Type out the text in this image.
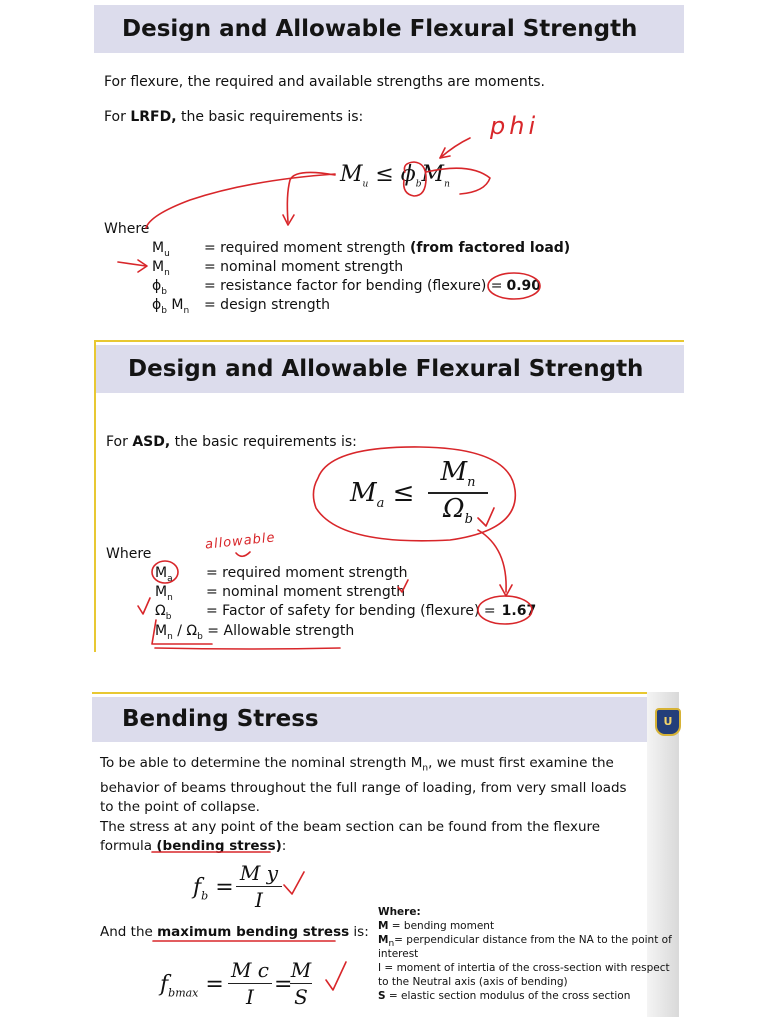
Design and Allowable Flexural Strength
For flexure, the required and available strengths are moments.
For LRFD, the basic requirements is:	phi
$M_u \le \phi_bM_n$
Where
$M_u$ = required moment strength (from factored load)
$M_n$ = nominal moment strength
$\phi_b$	= resistance factor for bending (flexure) = 0.90
$\phi_b$ $M_n$ = design strength
Design and Allowable Flexural Strength
For ASD, the basic requirements is:
$M_a$ ≤
$M_n$
$\Omega_b$
allowable
Where
$M_a$ = required moment strength
$M_n$ = nominal moment strength
$\Omega_b$ = Factor of safety for bending (flexure) = 1.67
$M_n / \Omega_b$ = Allowable strength
Bending Stress	U
To be able to determine the nominal strength $M_n$, we must first examine the
behavior of beams throughout the full range of loading, from very small loads
to the point of collapse.
The stress at any point of the beam section can be found from the flexure
formula (bending stress):
$f_b$ =
M y
I
And the maximum bending stress is:
$f_{bmax}$ =
M c
I =
M
S
Where:
M = bending moment
$M_n=$ perpendicular distance from the NA to the point of
interest
I = moment of intertia of the cross-section with respect
to the Neutral axis (axis of bending)
S = elastic section modulus of the cross section
